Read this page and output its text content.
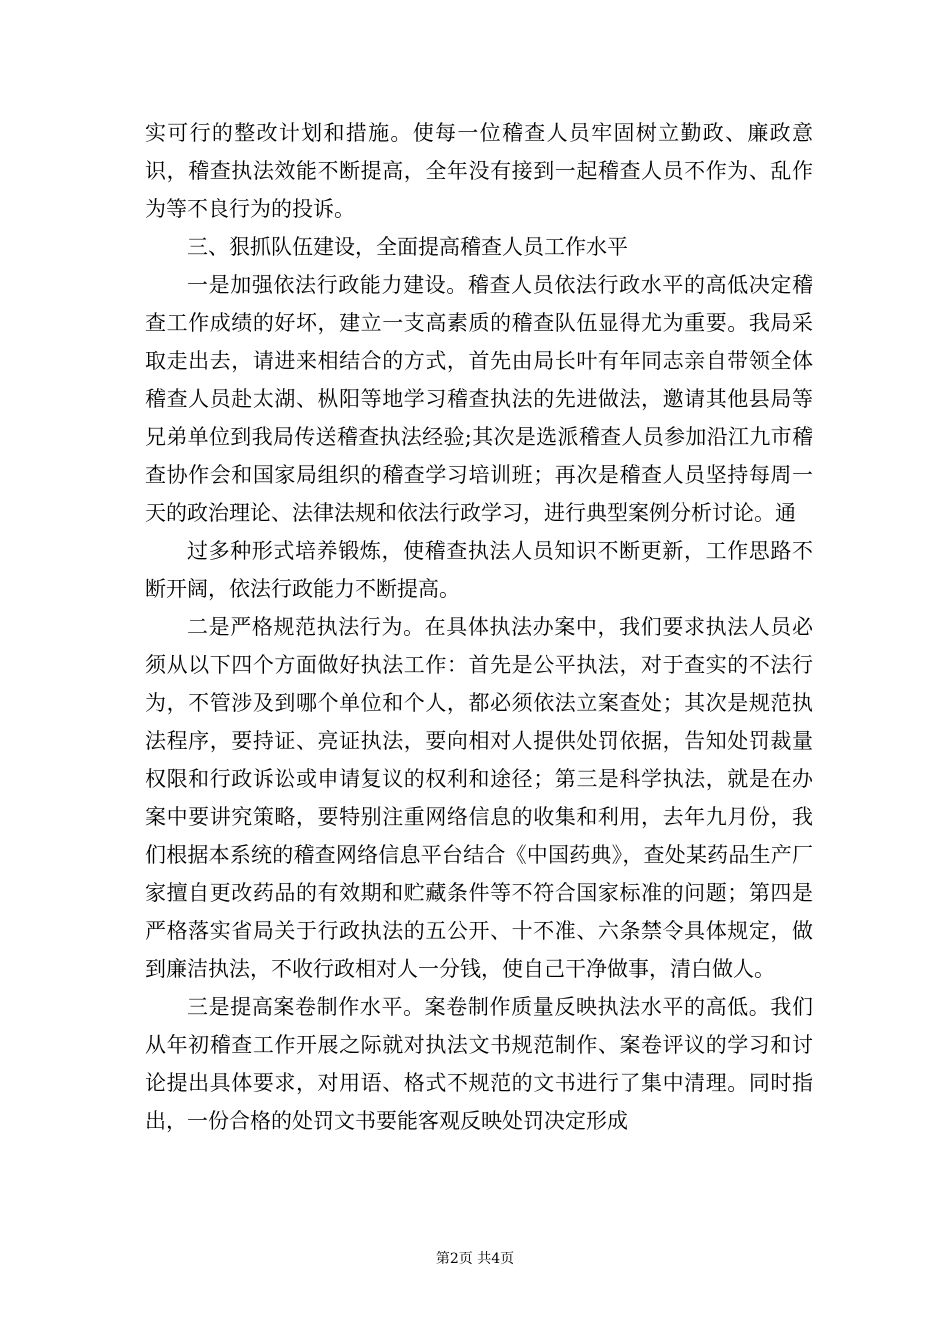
实可行的整改计划和措施。使每一位稽查人员牢固树立勤政、廉政意识，稽查执法效能不断提高，全年没有接到一起稽查人员不作为、乱作为等不良行为的投诉。

三、狠抓队伍建设，全面提高稽查人员工作水平

一是加强依法行政能力建设。稽查人员依法行政水平的高低决定稽查工作成绩的好坏，建立一支高素质的稽查队伍显得尤为重要。我局采取走出去，请进来相结合的方式，首先由局长叶有年同志亲自带领全体稽查人员赴太湖、枞阳等地学习稽查执法的先进做法，邀请其他县局等兄弟单位到我局传送稽查执法经验;其次是选派稽查人员参加沿江九市稽查协作会和国家局组织的稽查学习培训班；再次是稽查人员坚持每周一天的政治理论、法律法规和依法行政学习，进行典型案例分析讨论。通

过多种形式培养锻炼，使稽查执法人员知识不断更新，工作思路不断开阔，依法行政能力不断提高。

二是严格规范执法行为。在具体执法办案中，我们要求执法人员必须从以下四个方面做好执法工作：首先是公平执法，对于查实的不法行为，不管涉及到哪个单位和个人，都必须依法立案查处；其次是规范执法程序，要持证、亮证执法，要向相对人提供处罚依据，告知处罚裁量权限和行政诉讼或申请复议的权利和途径；第三是科学执法，就是在办案中要讲究策略，要特别注重网络信息的收集和利用，去年九月份，我们根据本系统的稽查网络信息平台结合《中国药典》，查处某药品生产厂家擅自更改药品的有效期和贮藏条件等不符合国家标准的问题；第四是严格落实省局关于行政执法的五公开、十不准、六条禁令具体规定，做到廉洁执法，不收行政相对人一分钱，使自己干净做事，清白做人。

三是提高案卷制作水平。案卷制作质量反映执法水平的高低。我们从年初稽查工作开展之际就对执法文书规范制作、案卷评议的学习和讨论提出具体要求，对用语、格式不规范的文书进行了集中清理。同时指出，一份合格的处罚文书要能客观反映处罚决定形成

第2页 共4页
